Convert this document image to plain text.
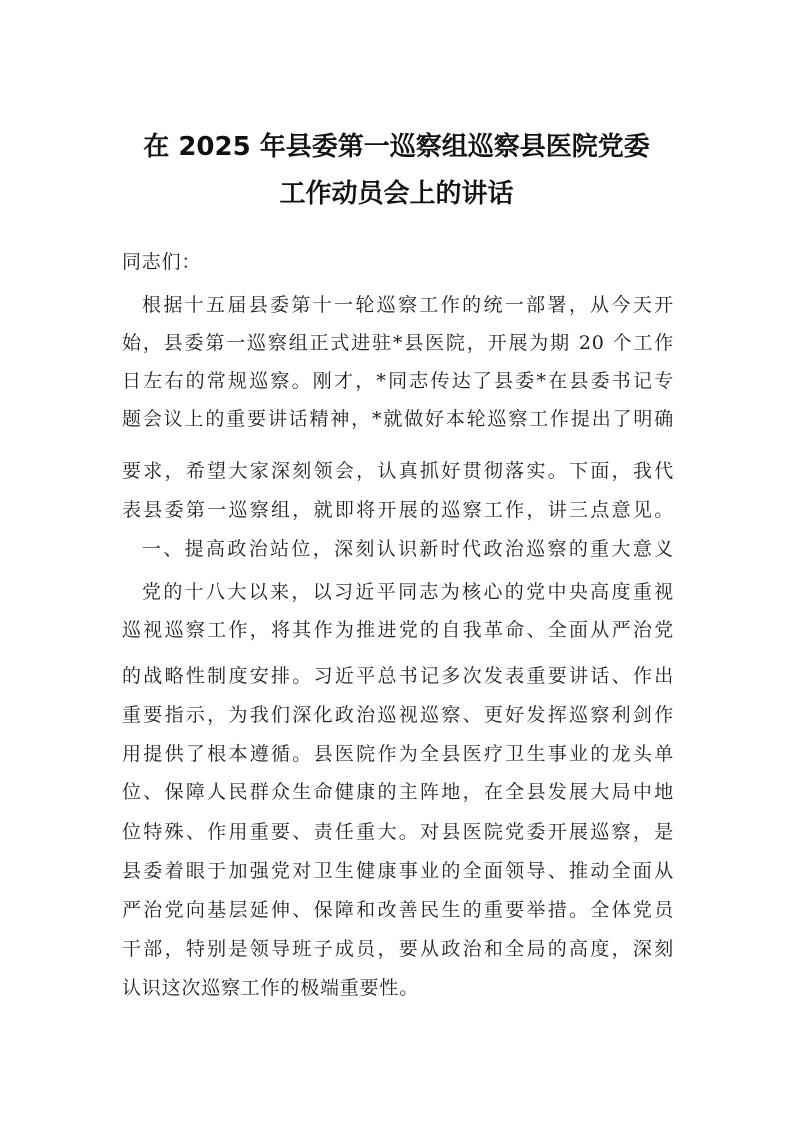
在 2025 年县委第一巡察组巡察县医院党委
工作动员会上的讲话
同志们：
根据十五届县委第十一轮巡察工作的统一部署，从今天开
始，县委第一巡察组正式进驻*县医院，开展为期 20 个工作
日左右的常规巡察。刚才，*同志传达了县委*在县委书记专
题会议上的重要讲话精神，*就做好本轮巡察工作提出了明确
要求，希望大家深刻领会，认真抓好贯彻落实。下面，我代
表县委第一巡察组，就即将开展的巡察工作，讲三点意见。
一、提高政治站位，深刻认识新时代政治巡察的重大意义
党的十八大以来，以习近平同志为核心的党中央高度重视
巡视巡察工作，将其作为推进党的自我革命、全面从严治党
的战略性制度安排。习近平总书记多次发表重要讲话、作出
重要指示，为我们深化政治巡视巡察、更好发挥巡察利剑作
用提供了根本遵循。县医院作为全县医疗卫生事业的龙头单
位、保障人民群众生命健康的主阵地，在全县发展大局中地
位特殊、作用重要、责任重大。对县医院党委开展巡察，是
县委着眼于加强党对卫生健康事业的全面领导、推动全面从
严治党向基层延伸、保障和改善民生的重要举措。全体党员
干部，特别是领导班子成员，要从政治和全局的高度，深刻
认识这次巡察工作的极端重要性。
